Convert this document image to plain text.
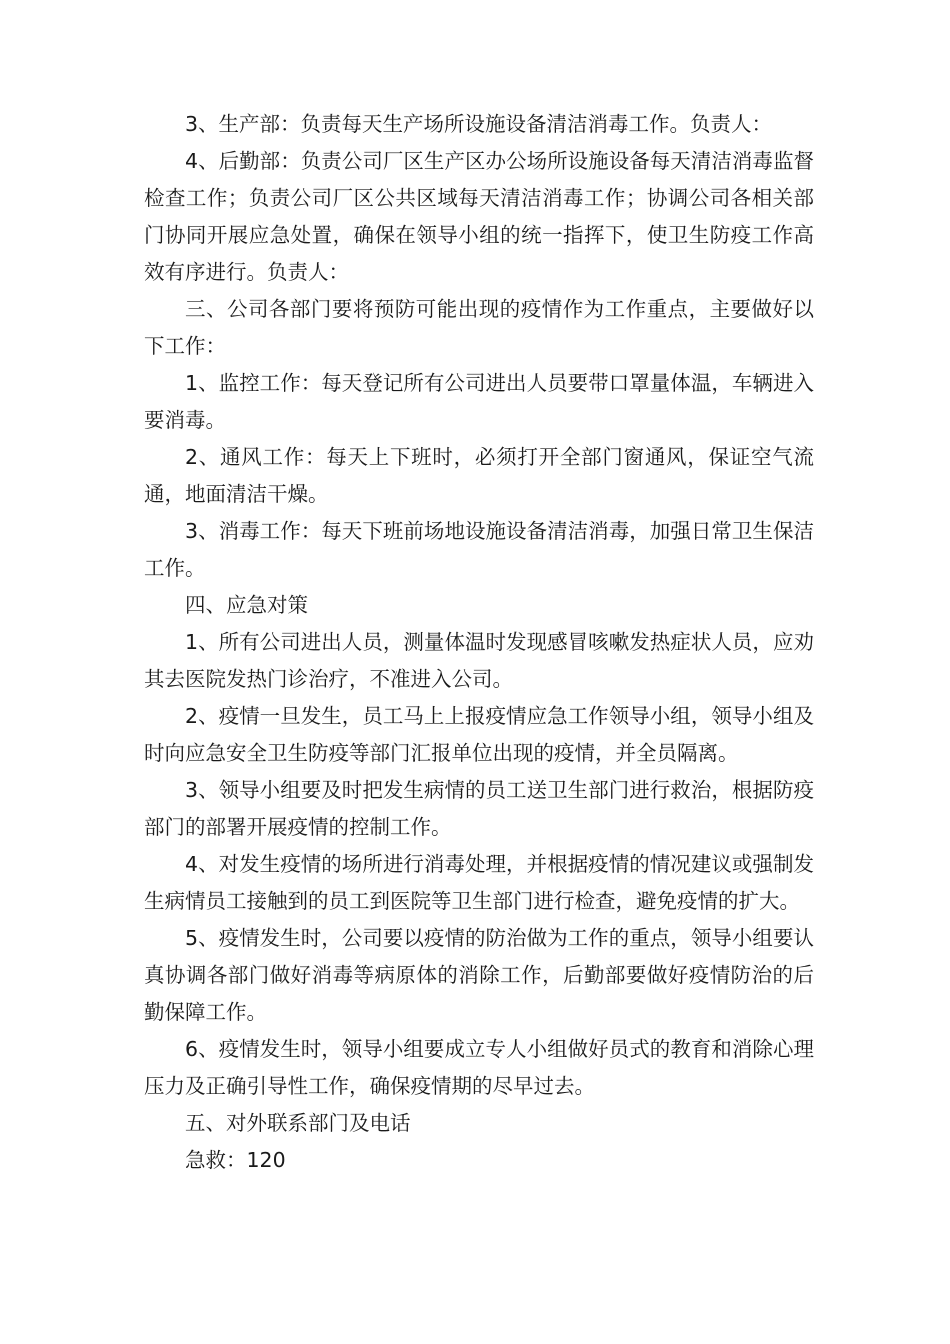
3、生产部：负责每天生产场所设施设备清洁消毒工作。负责人：

4、后勤部：负责公司厂区生产区办公场所设施设备每天清洁消毒监督检查工作；负责公司厂区公共区域每天清洁消毒工作；协调公司各相关部门协同开展应急处置，确保在领导小组的统一指挥下，使卫生防疫工作高效有序进行。负责人：

三、公司各部门要将预防可能出现的疫情作为工作重点，主要做好以下工作：

1、监控工作：每天登记所有公司进出人员要带口罩量体温，车辆进入要消毒。

2、通风工作：每天上下班时，必须打开全部门窗通风，保证空气流通，地面清洁干燥。

3、消毒工作：每天下班前场地设施设备清洁消毒，加强日常卫生保洁工作。

四、应急对策

1、所有公司进出人员，测量体温时发现感冒咳嗽发热症状人员，应劝其去医院发热门诊治疗，不准进入公司。

2、疫情一旦发生，员工马上上报疫情应急工作领导小组，领导小组及时向应急安全卫生防疫等部门汇报单位出现的疫情，并全员隔离。

3、领导小组要及时把发生病情的员工送卫生部门进行救治，根据防疫部门的部署开展疫情的控制工作。

4、对发生疫情的场所进行消毒处理，并根据疫情的情况建议或强制发生病情员工接触到的员工到医院等卫生部门进行检查，避免疫情的扩大。

5、疫情发生时，公司要以疫情的防治做为工作的重点，领导小组要认真协调各部门做好消毒等病原体的消除工作，后勤部要做好疫情防治的后勤保障工作。

6、疫情发生时，领导小组要成立专人小组做好员式的教育和消除心理压力及正确引导性工作，确保疫情期的尽早过去。

五、对外联系部门及电话

急救：120
